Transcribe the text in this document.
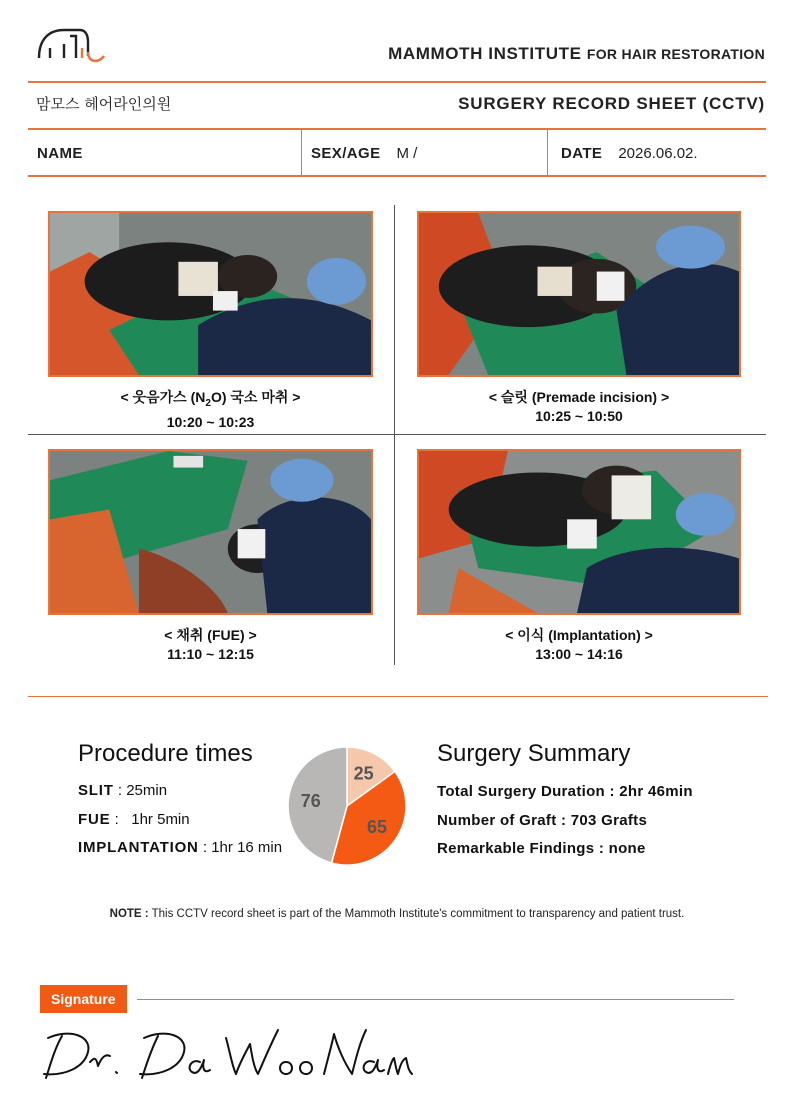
MAMMOTH INSTITUTE FOR HAIR RESTORATION
맘모스 헤어라인의원	SURGERY RECORD SHEET (CCTV)
NAME	SEX/AGE M /	DATE 2026.06.02.
< 웃음가스 $(N_2O)$ 국소 마취 >
10:20 ~ 10:23
< 슬릿 (Premade incision) >
10:25 ~ 10:50
< 채취 (FUE) >
11:10 ~ 12:15
< 이식 (Implantation) >
13:00 ~ 14:16
Procedure times
SLIT : 25min
FUE :   1hr 5min
IMPLANTATION : 1hr 16 min
25
65
76
Surgery Summary
Total Surgery Duration : 2hr 46min
Number of Graft : 703 Grafts
Remarkable Findings : none
NOTE : This CCTV record sheet is part of the Mammoth Institute's commitment to transparency and patient trust.
Signature
